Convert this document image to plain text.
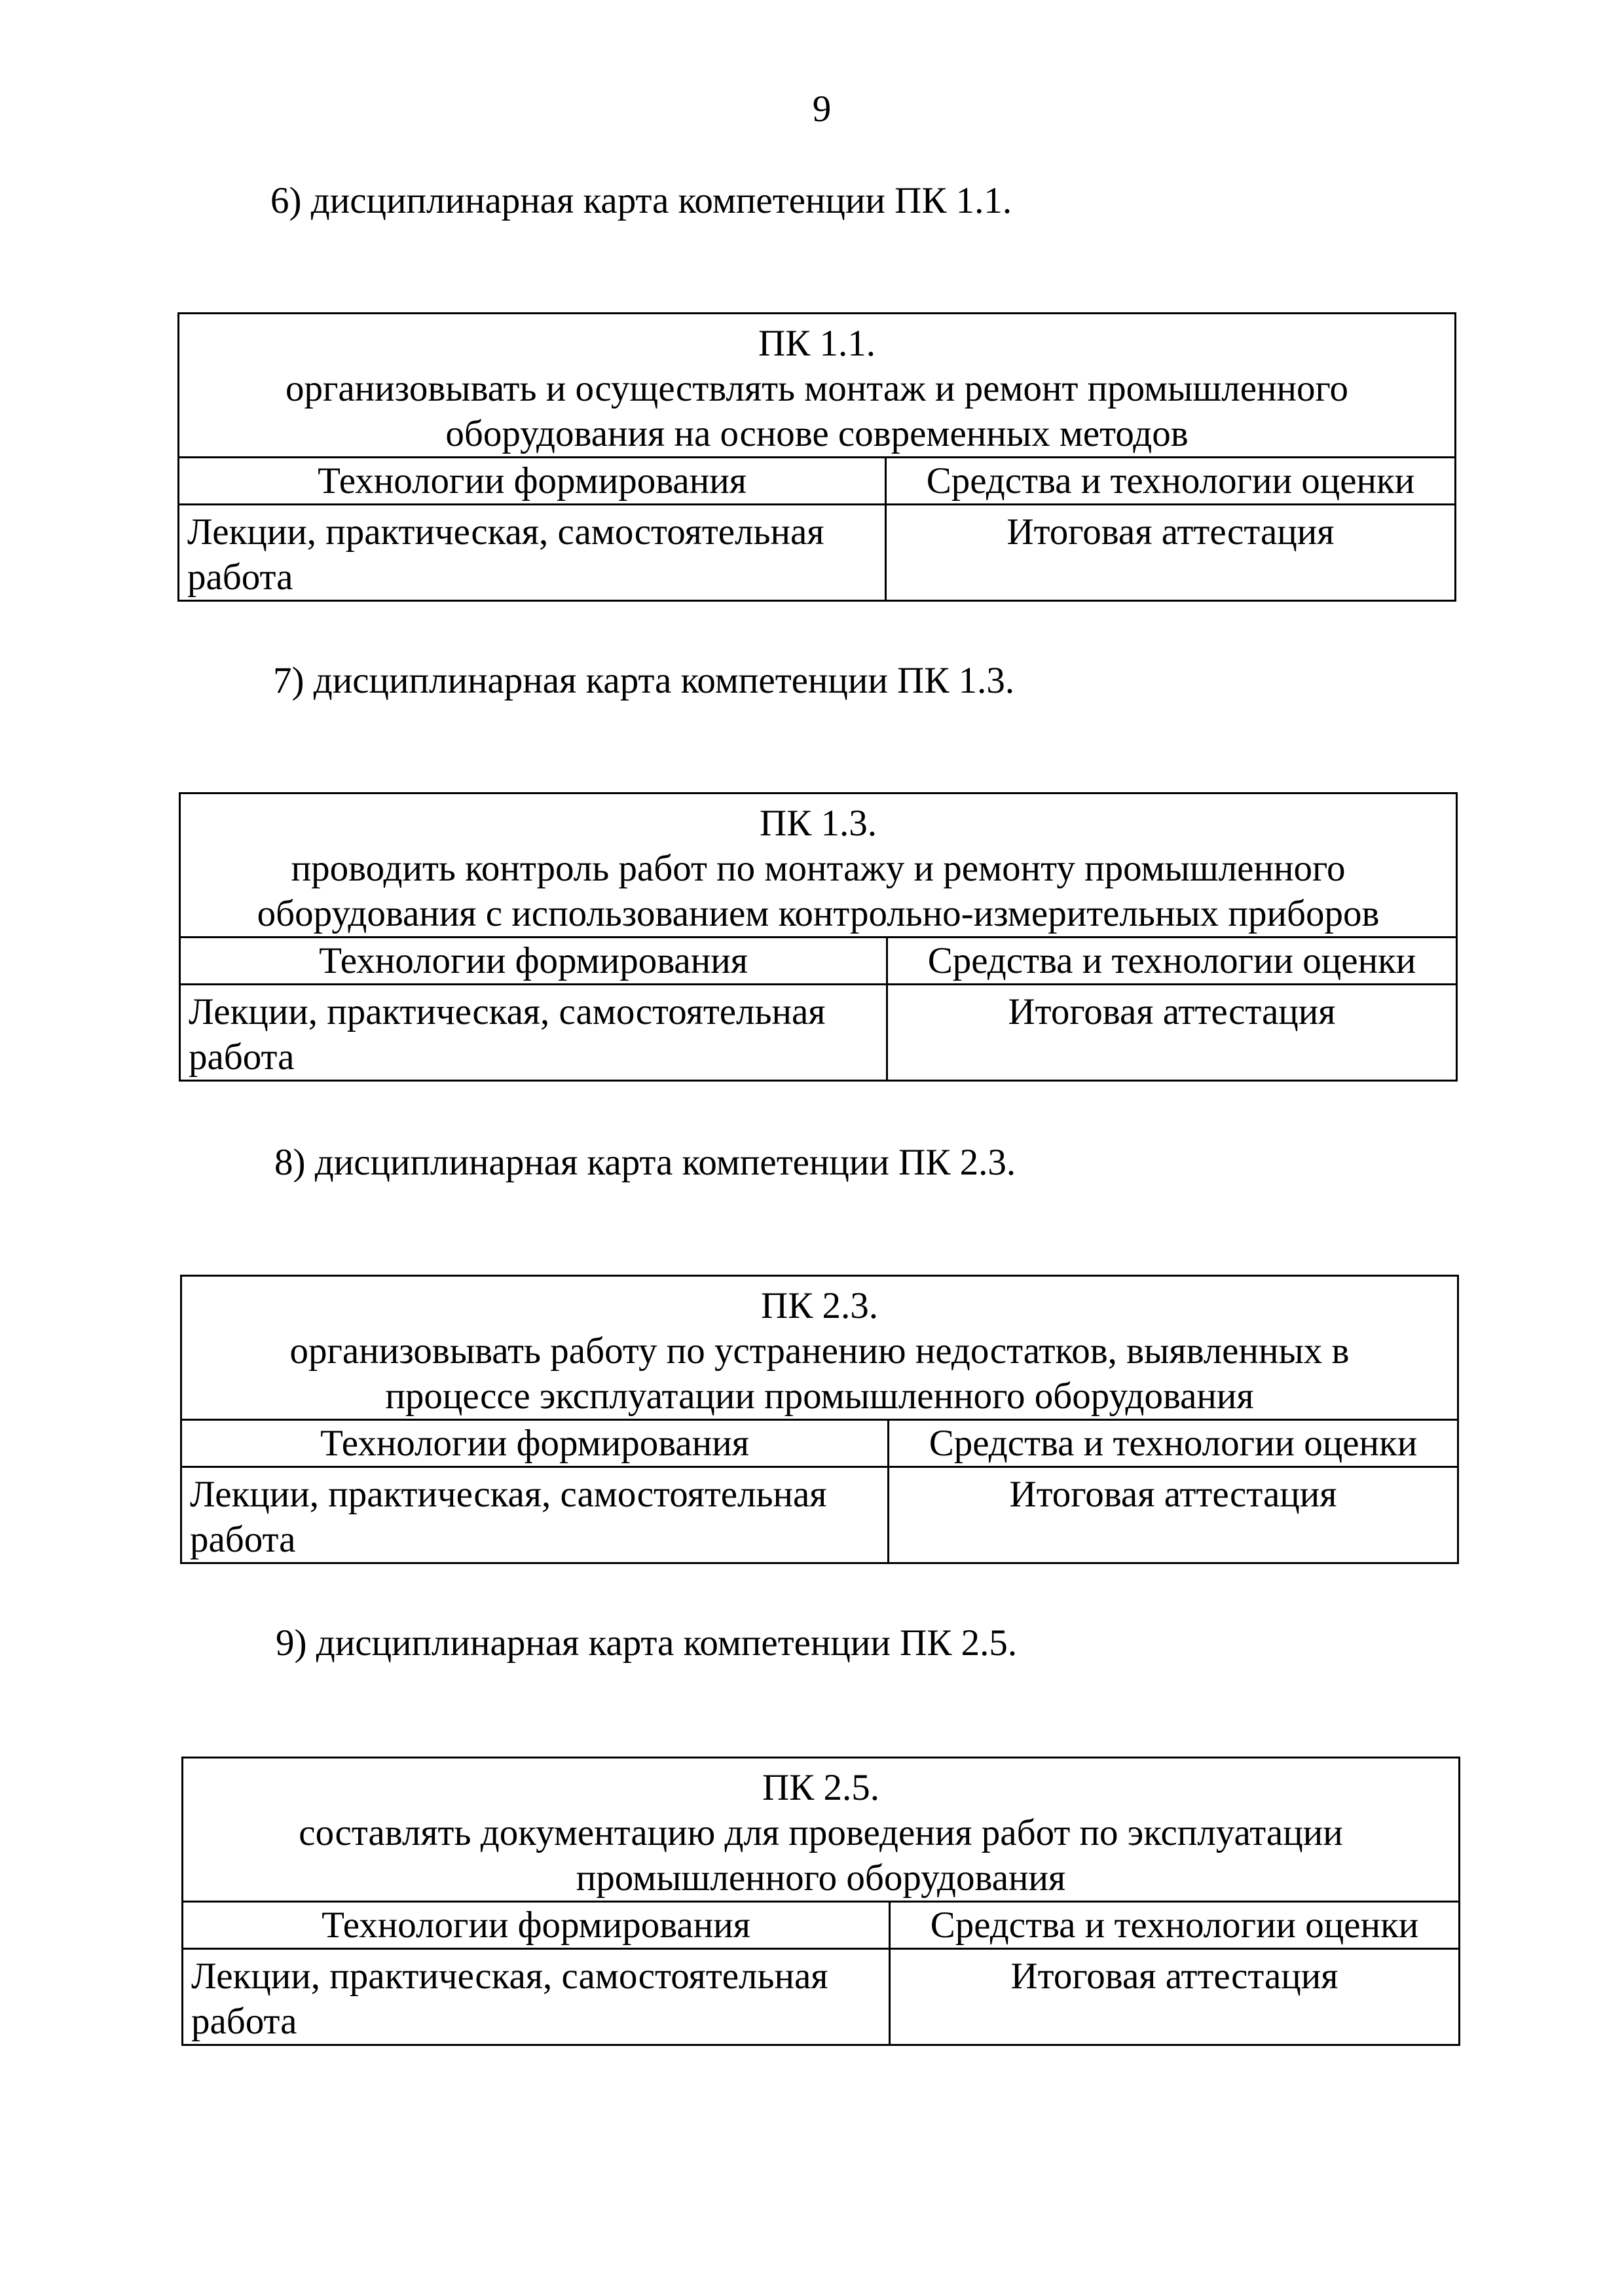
9
6) дисциплинарная карта компетенции ПК 1.1.
ПК 1.1.
организовывать и осуществлять монтаж и ремонт промышленного
оборудования на основе современных методов	

Технологии формирования	Средства и технологии оценки

Лекции, практическая, самостоятельная
работа	Итоговая аттестация
7) дисциплинарная карта компетенции ПК 1.3.
ПК 1.3.
проводить контроль работ по монтажу и ремонту промышленного
оборудования с использованием контрольно-измерительных приборов	

Технологии формирования	Средства и технологии оценки

Лекции, практическая, самостоятельная
работа	Итоговая аттестация
8) дисциплинарная карта компетенции ПК 2.3.
ПК 2.3.
организовывать работу по устранению недостатков, выявленных в
процессе эксплуатации промышленного оборудования	

Технологии формирования	Средства и технологии оценки

Лекции, практическая, самостоятельная
работа	Итоговая аттестация
9) дисциплинарная карта компетенции ПК 2.5.
ПК 2.5.
составлять документацию для проведения работ по эксплуатации
промышленного оборудования	

Технологии формирования	Средства и технологии оценки

Лекции, практическая, самостоятельная
работа	Итоговая аттестация
